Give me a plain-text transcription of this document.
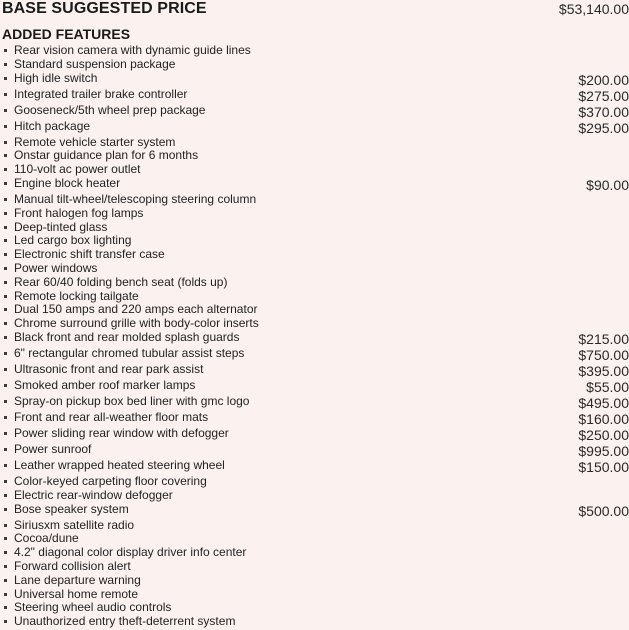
BASE SUGGESTED PRICE	$53,140.00
ADDED FEATURES
Rear vision camera with dynamic guide lines
Standard suspension package
High idle switch	$200.00
Integrated trailer brake controller	$275.00
Gooseneck/5th wheel prep package	$370.00
Hitch package	$295.00
Remote vehicle starter system
Onstar guidance plan for 6 months
110-volt ac power outlet
Engine block heater	$90.00
Manual tilt-wheel/telescoping steering column
Front halogen fog lamps
Deep-tinted glass
Led cargo box lighting
Electronic shift transfer case
Power windows
Rear 60/40 folding bench seat (folds up)
Remote locking tailgate
Dual 150 amps and 220 amps each alternator
Chrome surround grille with body-color inserts
Black front and rear molded splash guards	$215.00
6" rectangular chromed tubular assist steps	$750.00
Ultrasonic front and rear park assist	$395.00
Smoked amber roof marker lamps	$55.00
Spray-on pickup box bed liner with gmc logo	$495.00
Front and rear all-weather floor mats	$160.00
Power sliding rear window with defogger	$250.00
Power sunroof	$995.00
Leather wrapped heated steering wheel	$150.00
Color-keyed carpeting floor covering
Electric rear-window defogger
Bose speaker system	$500.00
Siriusxm satellite radio
Cocoa/dune
4.2" diagonal color display driver info center
Forward collision alert
Lane departure warning
Universal home remote
Steering wheel audio controls
Unauthorized entry theft-deterrent system
